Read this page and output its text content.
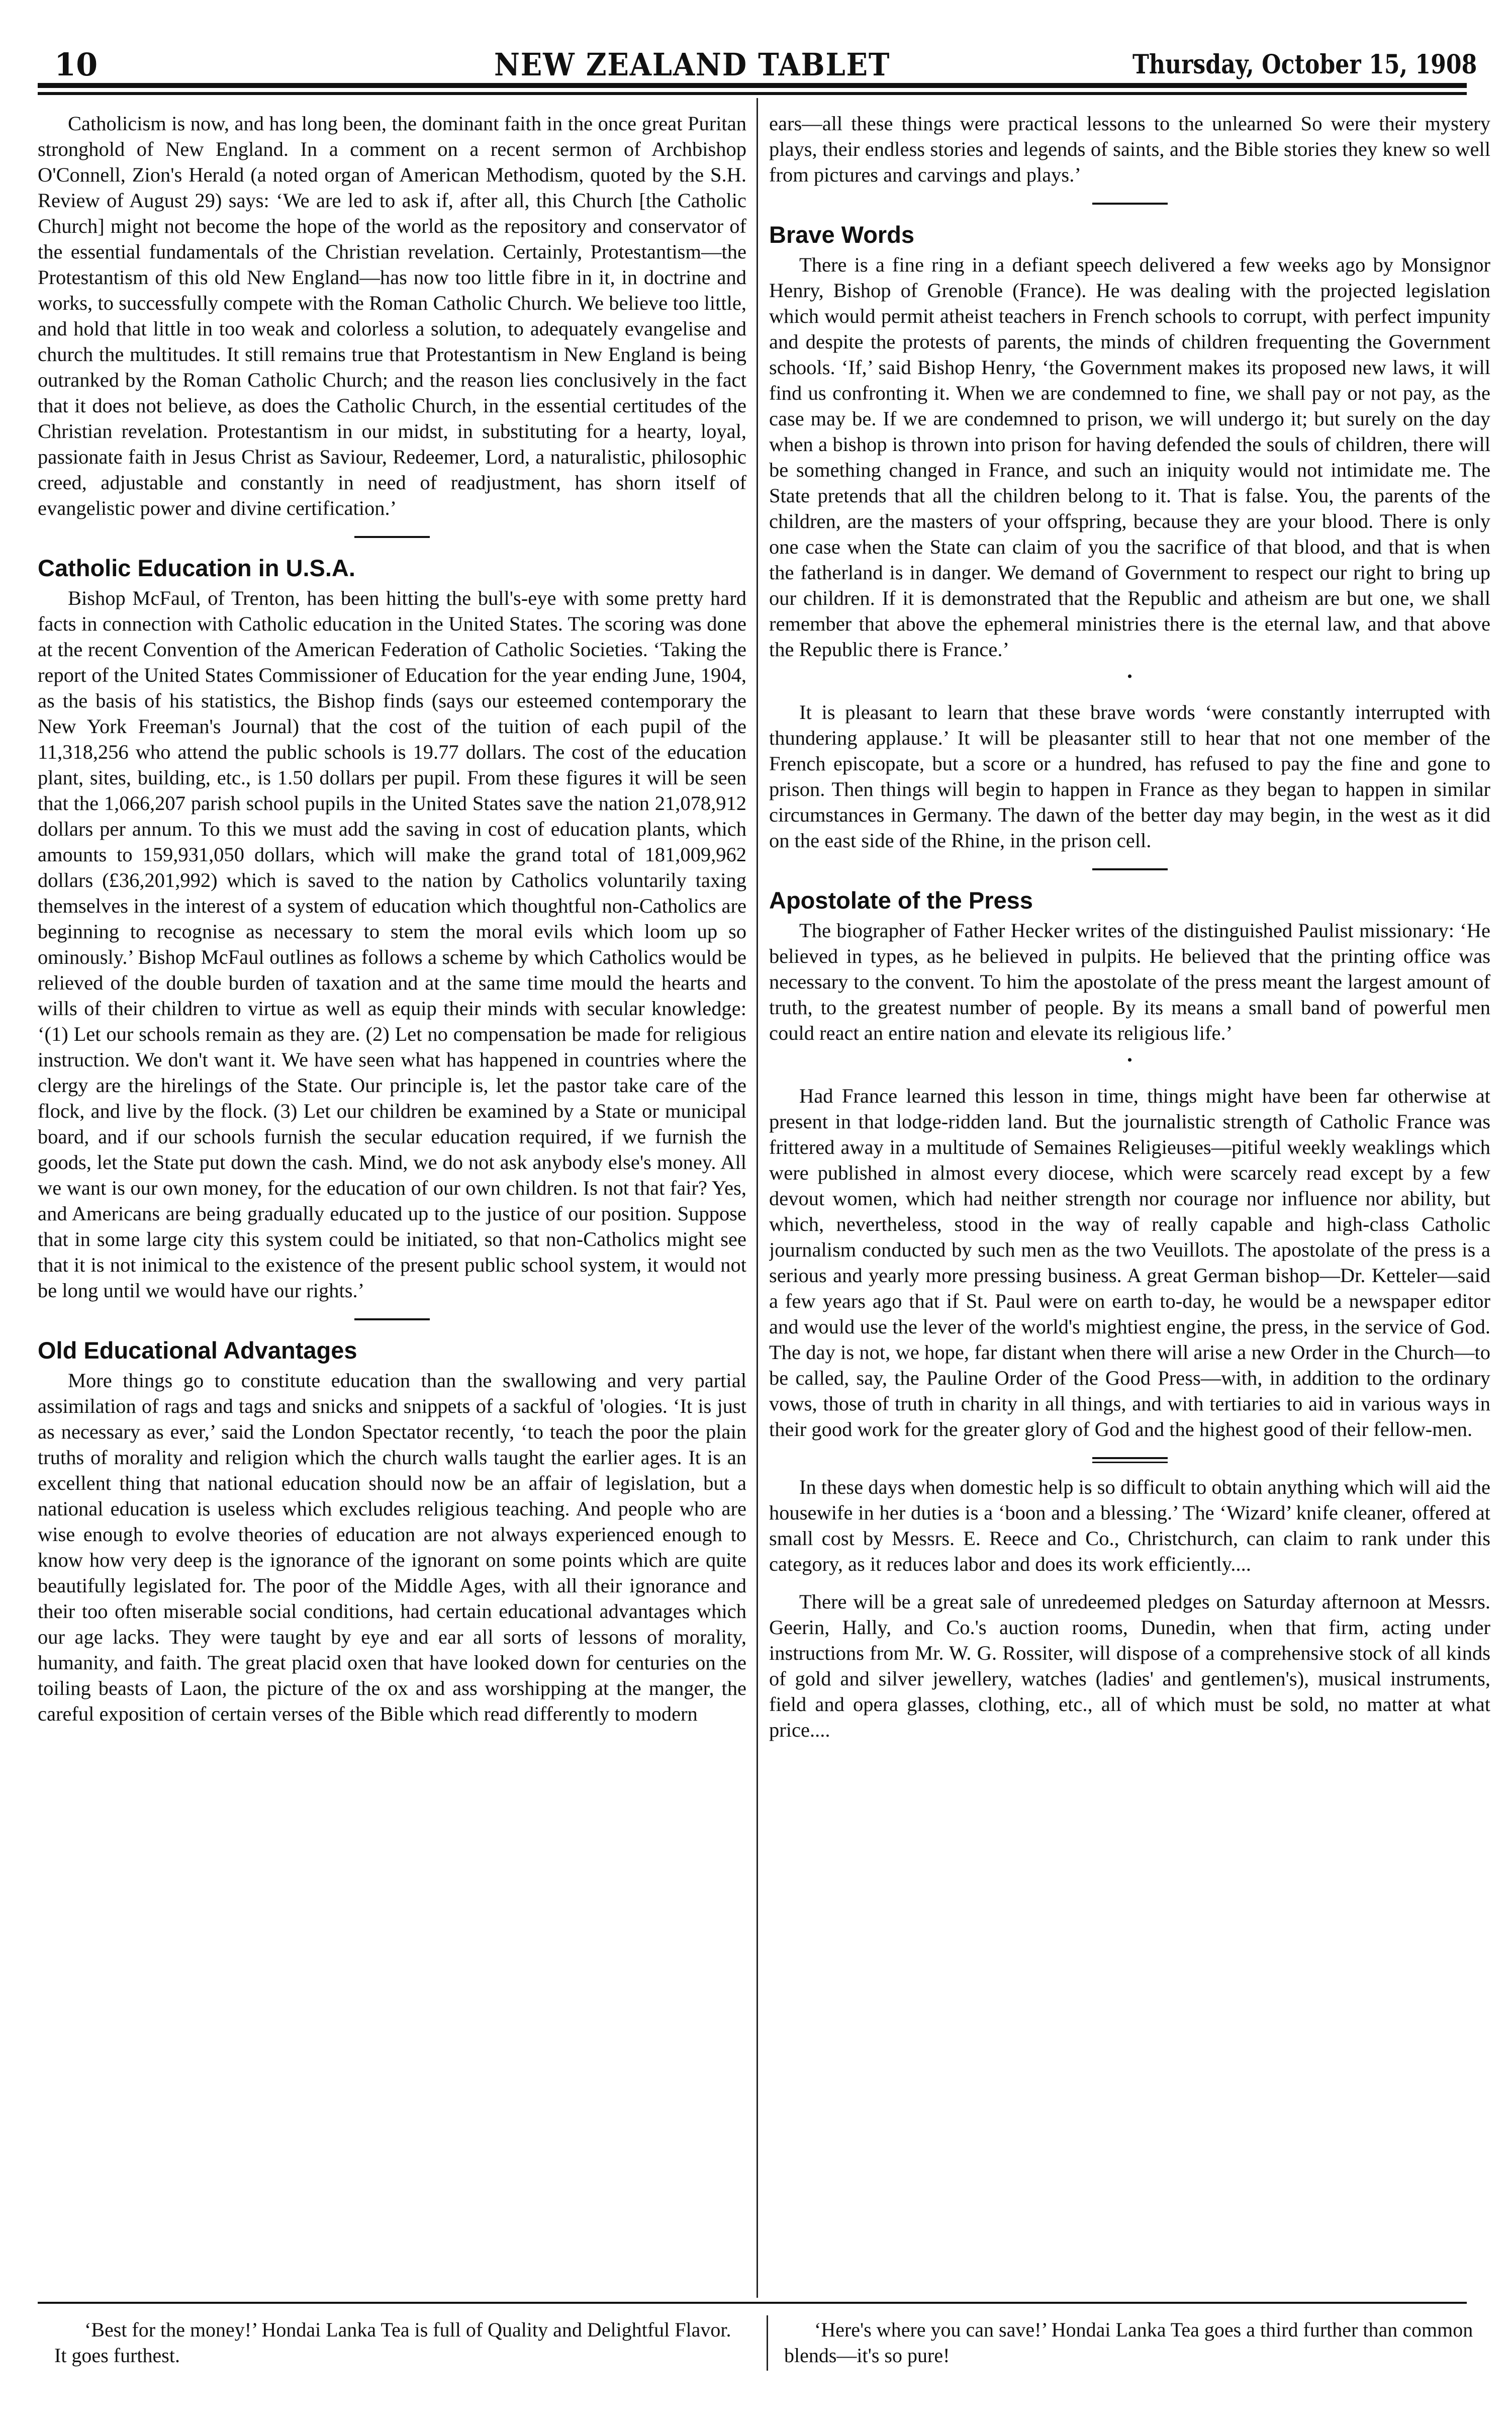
10	NEW ZEALAND TABLET	Thursday, October 15, 1908

Catholicism is now, and has long been, the dominant faith in the once great Puritan stronghold of New England. In a comment on a recent sermon of Archbishop O'Connell, Zion's Herald (a noted organ of American Methodism, quoted by the S.H. Review of August 29) says: ‘We are led to ask if, after all, this Church [the Catholic Church] might not become the hope of the world as the repository and conservator of the essential fundamentals of the Christian revelation. Certainly, Protestantism—the Protestantism of this old New England—has now too little fibre in it, in doctrine and works, to successfully compete with the Roman Catholic Church. We believe too little, and hold that little in too weak and colorless a solution, to adequately evangelise and church the multitudes. It still remains true that Protestantism in New England is being outranked by the Roman Catholic Church; and the reason lies conclusively in the fact that it does not believe, as does the Catholic Church, in the essential certitudes of the Christian revelation. Protestantism in our midst, in substituting for a hearty, loyal, passionate faith in Jesus Christ as Saviour, Redeemer, Lord, a naturalistic, philosophic creed, adjustable and constantly in need of readjustment, has shorn itself of evangelistic power and divine certification.’

Catholic Education in U.S.A.

Bishop McFaul, of Trenton, has been hitting the bull's-eye with some pretty hard facts in connection with Catholic education in the United States. The scoring was done at the recent Convention of the American Federation of Catholic Societies. ‘Taking the report of the United States Commissioner of Education for the year ending June, 1904, as the basis of his statistics, the Bishop finds (says our esteemed contemporary the New York Freeman's Journal) that the cost of the tuition of each pupil of the 11,318,256 who attend the public schools is 19.77 dollars. The cost of the education plant, sites, building, etc., is 1.50 dollars per pupil. From these figures it will be seen that the 1,066,207 parish school pupils in the United States save the nation 21,078,912 dollars per annum. To this we must add the saving in cost of education plants, which amounts to 159,931,050 dollars, which will make the grand total of 181,009,962 dollars (£36,201,992) which is saved to the nation by Catholics voluntarily taxing themselves in the interest of a system of education which thoughtful non-Catholics are beginning to recognise as necessary to stem the moral evils which loom up so ominously.’ Bishop McFaul outlines as follows a scheme by which Catholics would be relieved of the double burden of taxation and at the same time mould the hearts and wills of their children to virtue as well as equip their minds with secular knowledge: ‘(1) Let our schools remain as they are. (2) Let no compensation be made for religious instruction. We don't want it. We have seen what has happened in countries where the clergy are the hirelings of the State. Our principle is, let the pastor take care of the flock, and live by the flock. (3) Let our children be examined by a State or municipal board, and if our schools furnish the secular education required, if we furnish the goods, let the State put down the cash. Mind, we do not ask anybody else's money. All we want is our own money, for the education of our own children. Is not that fair? Yes, and Americans are being gradually educated up to the justice of our position. Suppose that in some large city this system could be initiated, so that non-Catholics might see that it is not inimical to the existence of the present public school system, it would not be long until we would have our rights.’

Old Educational Advantages

More things go to constitute education than the swallowing and very partial assimilation of rags and tags and snicks and snippets of a sackful of 'ologies. ‘It is just as necessary as ever,’ said the London Spectator recently, ‘to teach the poor the plain truths of morality and religion which the church walls taught the earlier ages. It is an excellent thing that national education should now be an affair of legislation, but a national education is useless which excludes religious teaching. And people who are wise enough to evolve theories of education are not always experienced enough to know how very deep is the ignorance of the ignorant on some points which are quite beautifully legislated for. The poor of the Middle Ages, with all their ignorance and their too often miserable social conditions, had certain educational advantages which our age lacks. They were taught by eye and ear all sorts of lessons of morality, humanity, and faith. The great placid oxen that have looked down for centuries on the toiling beasts of Laon, the picture of the ox and ass worshipping at the manger, the careful exposition of certain verses of the Bible which read differently to modern

ears—all these things were practical lessons to the unlearned So were their mystery plays, their endless stories and legends of saints, and the Bible stories they knew so well from pictures and carvings and plays.’

Brave Words

There is a fine ring in a defiant speech delivered a few weeks ago by Monsignor Henry, Bishop of Grenoble (France). He was dealing with the projected legislation which would permit atheist teachers in French schools to corrupt, with perfect impunity and despite the protests of parents, the minds of children frequenting the Government schools. ‘If,’ said Bishop Henry, ‘the Government makes its proposed new laws, it will find us confronting it. When we are condemned to fine, we shall pay or not pay, as the case may be. If we are condemned to prison, we will undergo it; but surely on the day when a bishop is thrown into prison for having defended the souls of children, there will be something changed in France, and such an iniquity would not intimidate me. The State pretends that all the children belong to it. That is false. You, the parents of the children, are the masters of your offspring, because they are your blood. There is only one case when the State can claim of you the sacrifice of that blood, and that is when the fatherland is in danger. We demand of Government to respect our right to bring up our children. If it is demonstrated that the Republic and atheism are but one, we shall remember that above the ephemeral ministries there is the eternal law, and that above the Republic there is France.’

•

It is pleasant to learn that these brave words ‘were constantly interrupted with thundering applause.’ It will be pleasanter still to hear that not one member of the French episcopate, but a score or a hundred, has refused to pay the fine and gone to prison. Then things will begin to happen in France as they began to happen in similar circumstances in Germany. The dawn of the better day may begin, in the west as it did on the east side of the Rhine, in the prison cell.

Apostolate of the Press

The biographer of Father Hecker writes of the distinguished Paulist missionary: ‘He believed in types, as he believed in pulpits. He believed that the printing office was necessary to the convent. To him the apostolate of the press meant the largest amount of truth, to the greatest number of people. By its means a small band of powerful men could react an entire nation and elevate its religious life.’

•

Had France learned this lesson in time, things might have been far otherwise at present in that lodge-ridden land. But the journalistic strength of Catholic France was frittered away in a multitude of Semaines Religieuses—pitiful weekly weaklings which were published in almost every diocese, which were scarcely read except by a few devout women, which had neither strength nor courage nor influence nor ability, but which, nevertheless, stood in the way of really capable and high-class Catholic journalism conducted by such men as the two Veuillots. The apostolate of the press is a serious and yearly more pressing business. A great German bishop—Dr. Ketteler—said a few years ago that if St. Paul were on earth to-day, he would be a newspaper editor and would use the lever of the world's mightiest engine, the press, in the service of God. The day is not, we hope, far distant when there will arise a new Order in the Church—to be called, say, the Pauline Order of the Good Press—with, in addition to the ordinary vows, those of truth in charity in all things, and with tertiaries to aid in various ways in their good work for the greater glory of God and the highest good of their fellow-men.

In these days when domestic help is so difficult to obtain anything which will aid the housewife in her duties is a ‘boon and a blessing.’ The ‘Wizard’ knife cleaner, offered at small cost by Messrs. E. Reece and Co., Christchurch, can claim to rank under this category, as it reduces labor and does its work efficiently....

There will be a great sale of unredeemed pledges on Saturday afternoon at Messrs. Geerin, Hally, and Co.'s auction rooms, Dunedin, when that firm, acting under instructions from Mr. W. G. Rossiter, will dispose of a comprehensive stock of all kinds of gold and silver jewellery, watches (ladies' and gentlemen's), musical instruments, field and opera glasses, clothing, etc., all of which must be sold, no matter at what price....

‘Best for the money!’ Hondai Lanka Tea is full of Quality and Delightful Flavor. It goes furthest.

‘Here's where you can save!’ Hondai Lanka Tea goes a third further than common blends—it's so pure!
